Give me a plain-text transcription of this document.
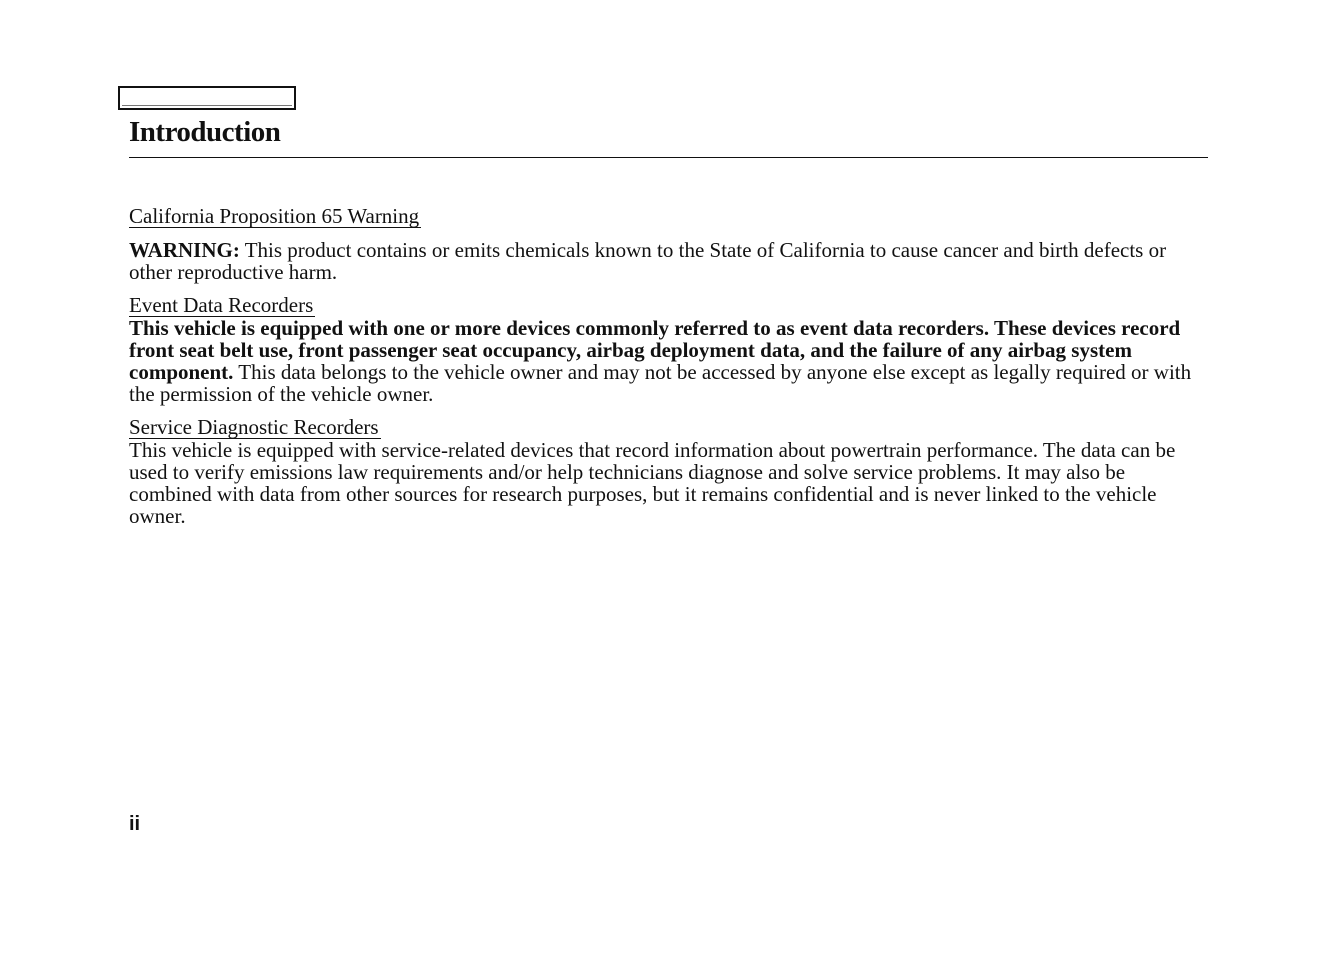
Introduction
California Proposition 65 Warning

WARNING: This product contains or emits chemicals known to the State of California to cause cancer and birth defects or other reproductive harm.

Event Data Recorders

This vehicle is equipped with one or more devices commonly referred to as event data recorders. These devices record front seat belt use, front passenger seat occupancy, airbag deployment data, and the failure of any airbag system component. This data belongs to the vehicle owner and may not be accessed by anyone else except as legally required or with the permission of the vehicle owner.

Service Diagnostic Recorders

This vehicle is equipped with service-related devices that record information about powertrain performance. The data can be used to verify emissions law requirements and/or help technicians diagnose and solve service problems. It may also be combined with data from other sources for research purposes, but it remains confidential and is never linked to the vehicle owner.

ii
